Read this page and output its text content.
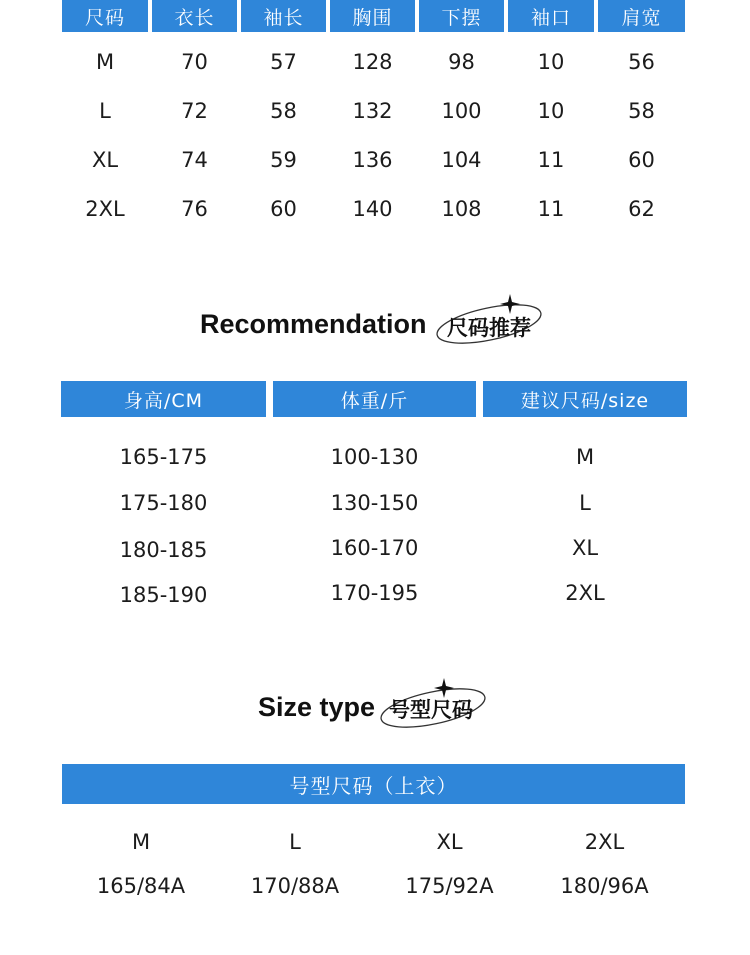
尺码	衣长	袖长	胸围	下摆	袖口	肩宽
M	70	57	128	98	10	56
L	72	58	132	100	10	58
XL	74	59	136	104	11	60
2XL	76	60	140	108	11	62
Recommendation 尺码推荐
身高/CM	体重/斤	建议尺码/size
165-175	100-130	M
175-180	130-150	L
180-185	160-170	XL
185-190	170-195	2XL
Size type 号型尺码
号型尺码（上衣）
M	L	XL	2XL
165/84A	170/88A	175/92A	180/96A
